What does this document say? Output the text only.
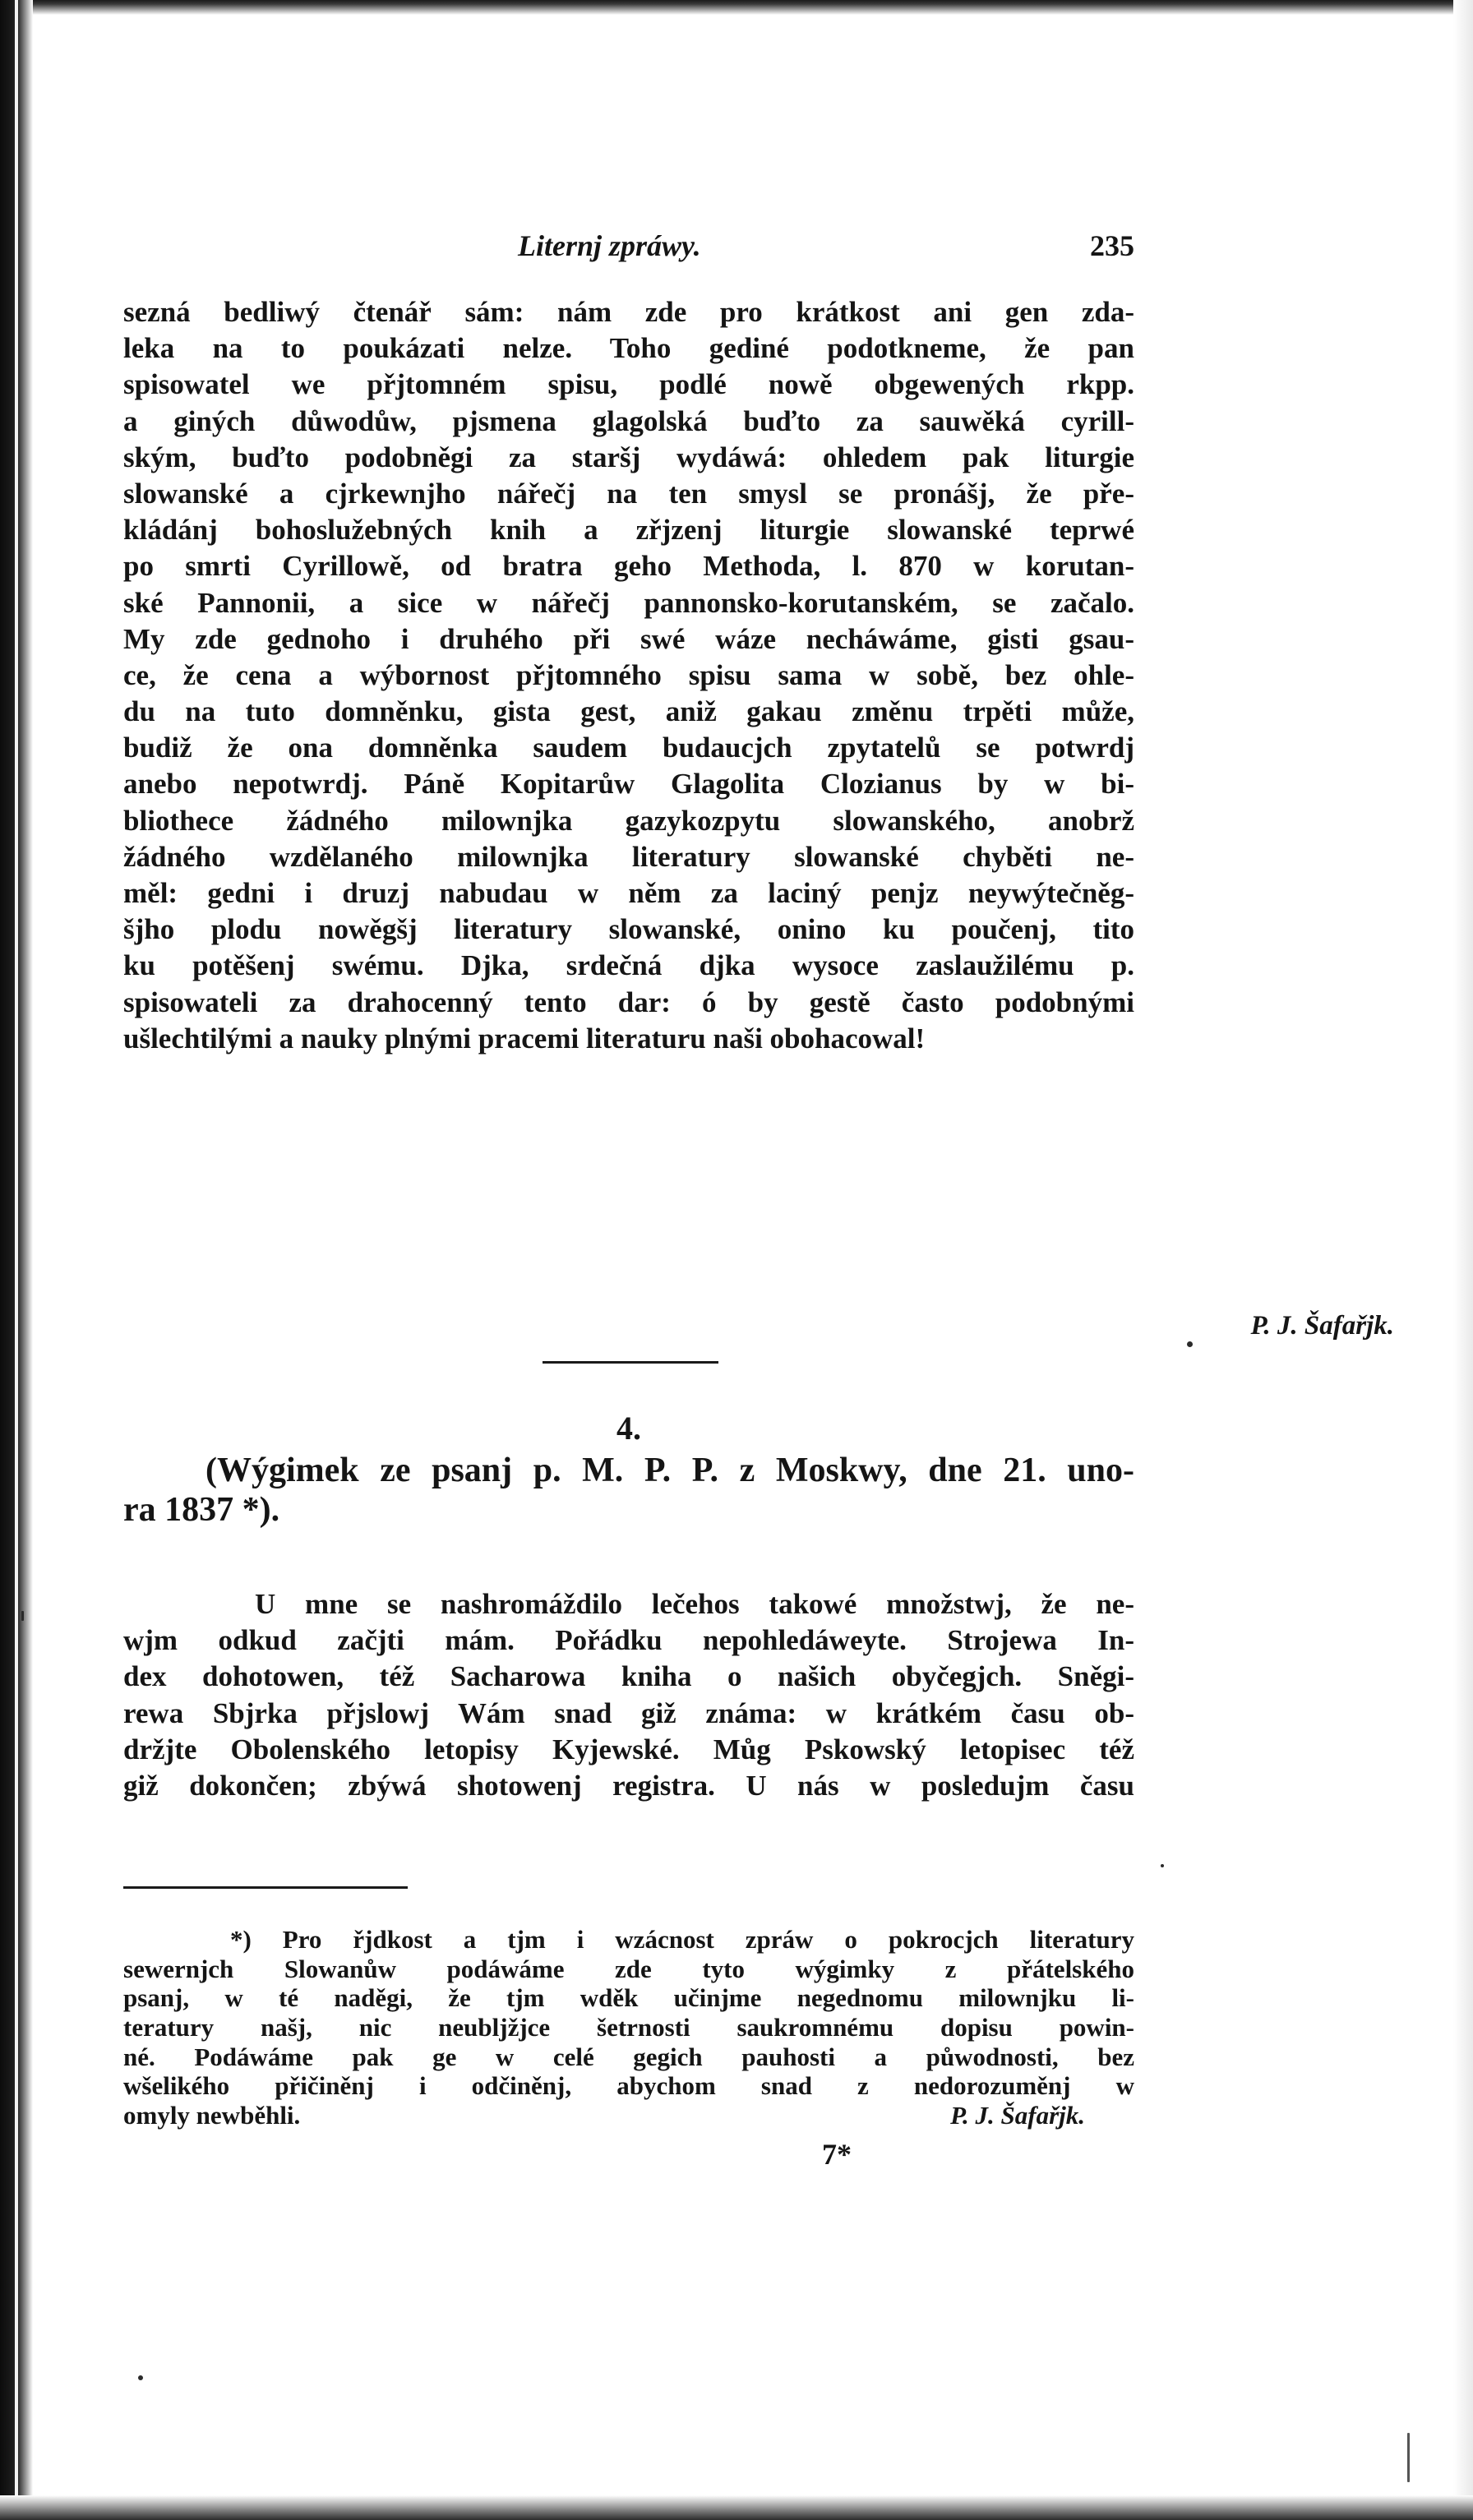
Liternj zpráwy.	235
sezná bedliwý čtenář sám: nám zde pro krátkost ani gen zda-
leka na to poukázati nelze. Toho gediné podotkneme, že pan
spisowatel we přjtomném spisu, podlé nowě obgewených rkpp.
a giných důwodůw, pjsmena glagolská buďto za sauwěká cyrill-
ským, buďto podobněgi za staršj wydáwá: ohledem pak liturgie
slowanské a cjrkewnjho nářečj na ten smysl se pronášj, že pře-
kládánj bohoslužebných knih a zřjzenj liturgie slowanské teprwé
po smrti Cyrillowě, od bratra geho Methoda, l. 870 w korutan-
ské Pannonii, a sice w nářečj pannonsko-korutanském, se začalo.
My zde gednoho i druhého při swé wáze necháwáme, gisti gsau-
ce, že cena a wýbornost přjtomného spisu sama w sobě, bez ohle-
du na tuto domněnku, gista gest, aniž gakau změnu trpěti může,
budiž že ona domněnka saudem budaucjch zpytatelů se potwrdj
anebo nepotwrdj. Páně Kopitarůw Glagolita Clozianus by w bi-
bliothece žádného milownjka gazykozpytu slowanského, anobrž
žádného wzdělaného milownjka literatury slowanské chyběti ne-
měl: gedni i druzj nabudau w něm za laciný penjz neywýtečněg-
šjho plodu nowěgšj literatury slowanské, onino ku poučenj, tito
ku potěšenj swému. Djka, srdečná djka wysoce zaslaužilému p.
spisowateli za drahocenný tento dar: ó by gestě často podobnými
ušlechtilými a nauky plnými pracemi literaturu naši obohacowal!
P. J. Šafařjk.
4.
(Wýgimek ze psanj p. M. P. P. z Moskwy, dne 21. uno-
ra 1837 *).
U mne se nashromáždilo lečehos takowé množstwj, že ne-
wjm odkud začjti mám. Pořádku nepohledáweyte. Strojewa In-
dex dohotowen, též Sacharowa kniha o našich obyčegjch. Sněgi-
rewa Sbjrka přjslowj Wám snad giž známa: w krátkém času ob-
držjte Obolenského letopisy Kyjewské. Můg Pskowský letopisec též
giž dokončen; zbýwá shotowenj registra. U nás w posledujm času
*) Pro řjdkost a tjm i wzácnost zpráw o pokrocjch literatury
sewernjch Slowanůw podáwáme zde tyto wýgimky z přátelského
psanj, w té naděgi, že tjm wděk učinjme negednomu milownjku li-
teratury našj, nic neubljžjce šetrnosti saukromnému dopisu powin-
né. Podáwáme pak ge w celé gegich pauhosti a půwodnosti, bez
wšelikého přičiněnj i odčiněnj, abychom snad z nedorozuměnj w
omyly newběhli.	P. J. Šafařjk.
7*
